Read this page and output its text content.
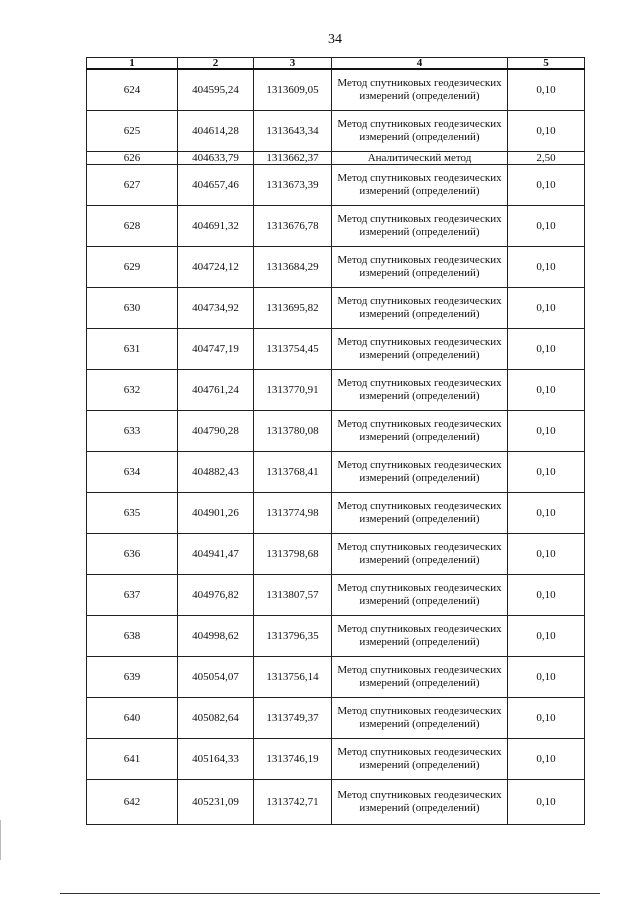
34
1	2	3	4	5
624	404595,24	1313609,05	Метод спутниковых геодезических измерений (определений)	0,10
625	404614,28	1313643,34	Метод спутниковых геодезических измерений (определений)	0,10
626	404633,79	1313662,37	Аналитический метод	2,50
627	404657,46	1313673,39	Метод спутниковых геодезических измерений (определений)	0,10
628	404691,32	1313676,78	Метод спутниковых геодезических измерений (определений)	0,10
629	404724,12	1313684,29	Метод спутниковых геодезических измерений (определений)	0,10
630	404734,92	1313695,82	Метод спутниковых геодезических измерений (определений)	0,10
631	404747,19	1313754,45	Метод спутниковых геодезических измерений (определений)	0,10
632	404761,24	1313770,91	Метод спутниковых геодезических измерений (определений)	0,10
633	404790,28	1313780,08	Метод спутниковых геодезических измерений (определений)	0,10
634	404882,43	1313768,41	Метод спутниковых геодезических измерений (определений)	0,10
635	404901,26	1313774,98	Метод спутниковых геодезических измерений (определений)	0,10
636	404941,47	1313798,68	Метод спутниковых геодезических измерений (определений)	0,10
637	404976,82	1313807,57	Метод спутниковых геодезических измерений (определений)	0,10
638	404998,62	1313796,35	Метод спутниковых геодезических измерений (определений)	0,10
639	405054,07	1313756,14	Метод спутниковых геодезических измерений (определений)	0,10
640	405082,64	1313749,37	Метод спутниковых геодезических измерений (определений)	0,10
641	405164,33	1313746,19	Метод спутниковых геодезических измерений (определений)	0,10
642	405231,09	1313742,71	Метод спутниковых геодезических измерений (определений)	0,10
